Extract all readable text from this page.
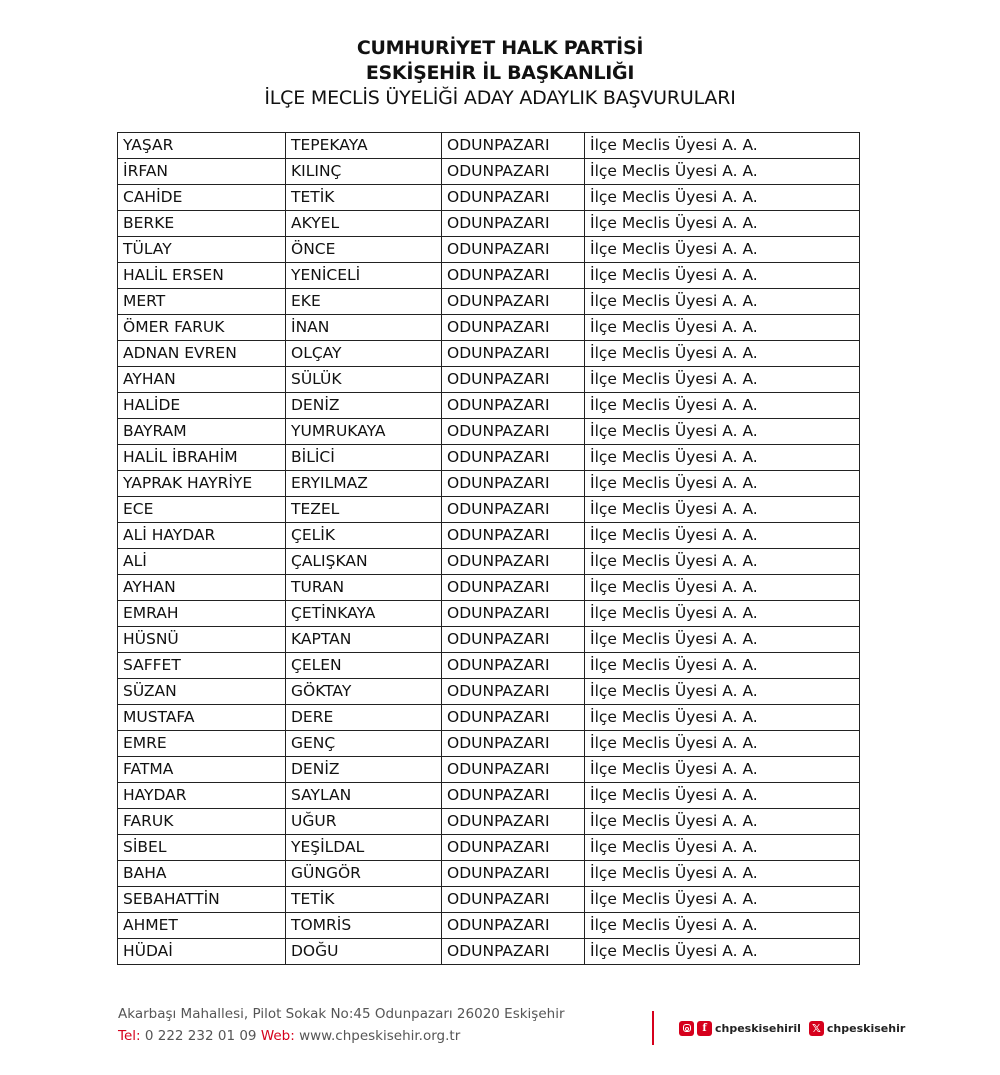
CUMHURİYET HALK PARTİSİ
ESKİŞEHİR İL BAŞKANLIĞI
İLÇE MECLİS ÜYELİĞİ ADAY ADAYLIK BAŞVURULARI
YAŞAR	TEPEKAYA	ODUNPAZARI	İlçe Meclis Üyesi A. A.
İRFAN	KILINÇ	ODUNPAZARI	İlçe Meclis Üyesi A. A.
CAHİDE	TETİK	ODUNPAZARI	İlçe Meclis Üyesi A. A.
BERKE	AKYEL	ODUNPAZARI	İlçe Meclis Üyesi A. A.
TÜLAY	ÖNCE	ODUNPAZARI	İlçe Meclis Üyesi A. A.
HALİL ERSEN	YENİCELİ	ODUNPAZARI	İlçe Meclis Üyesi A. A.
MERT	EKE	ODUNPAZARI	İlçe Meclis Üyesi A. A.
ÖMER FARUK	İNAN	ODUNPAZARI	İlçe Meclis Üyesi A. A.
ADNAN EVREN	OLÇAY	ODUNPAZARI	İlçe Meclis Üyesi A. A.
AYHAN	SÜLÜK	ODUNPAZARI	İlçe Meclis Üyesi A. A.
HALİDE	DENİZ	ODUNPAZARI	İlçe Meclis Üyesi A. A.
BAYRAM	YUMRUKAYA	ODUNPAZARI	İlçe Meclis Üyesi A. A.
HALİL İBRAHİM	BİLİCİ	ODUNPAZARI	İlçe Meclis Üyesi A. A.
YAPRAK HAYRİYE	ERYILMAZ	ODUNPAZARI	İlçe Meclis Üyesi A. A.
ECE	TEZEL	ODUNPAZARI	İlçe Meclis Üyesi A. A.
ALİ HAYDAR	ÇELİK	ODUNPAZARI	İlçe Meclis Üyesi A. A.
ALİ	ÇALIŞKAN	ODUNPAZARI	İlçe Meclis Üyesi A. A.
AYHAN	TURAN	ODUNPAZARI	İlçe Meclis Üyesi A. A.
EMRAH	ÇETİNKAYA	ODUNPAZARI	İlçe Meclis Üyesi A. A.
HÜSNÜ	KAPTAN	ODUNPAZARI	İlçe Meclis Üyesi A. A.
SAFFET	ÇELEN	ODUNPAZARI	İlçe Meclis Üyesi A. A.
SÜZAN	GÖKTAY	ODUNPAZARI	İlçe Meclis Üyesi A. A.
MUSTAFA	DERE	ODUNPAZARI	İlçe Meclis Üyesi A. A.
EMRE	GENÇ	ODUNPAZARI	İlçe Meclis Üyesi A. A.
FATMA	DENİZ	ODUNPAZARI	İlçe Meclis Üyesi A. A.
HAYDAR	SAYLAN	ODUNPAZARI	İlçe Meclis Üyesi A. A.
FARUK	UĞUR	ODUNPAZARI	İlçe Meclis Üyesi A. A.
SİBEL	YEŞİLDAL	ODUNPAZARI	İlçe Meclis Üyesi A. A.
BAHA	GÜNGÖR	ODUNPAZARI	İlçe Meclis Üyesi A. A.
SEBAHATTİN	TETİK	ODUNPAZARI	İlçe Meclis Üyesi A. A.
AHMET	TOMRİS	ODUNPAZARI	İlçe Meclis Üyesi A. A.
HÜDAİ	DOĞU	ODUNPAZARI	İlçe Meclis Üyesi A. A.
Akarbaşı Mahallesi, Pilot Sokak No:45 Odunpazarı 26020 Eskişehir
Tel: 0 222 232 01 09 Web: www.chpeskisehir.org.tr	f chpeskisehiril 𝕏 chpeskisehir
